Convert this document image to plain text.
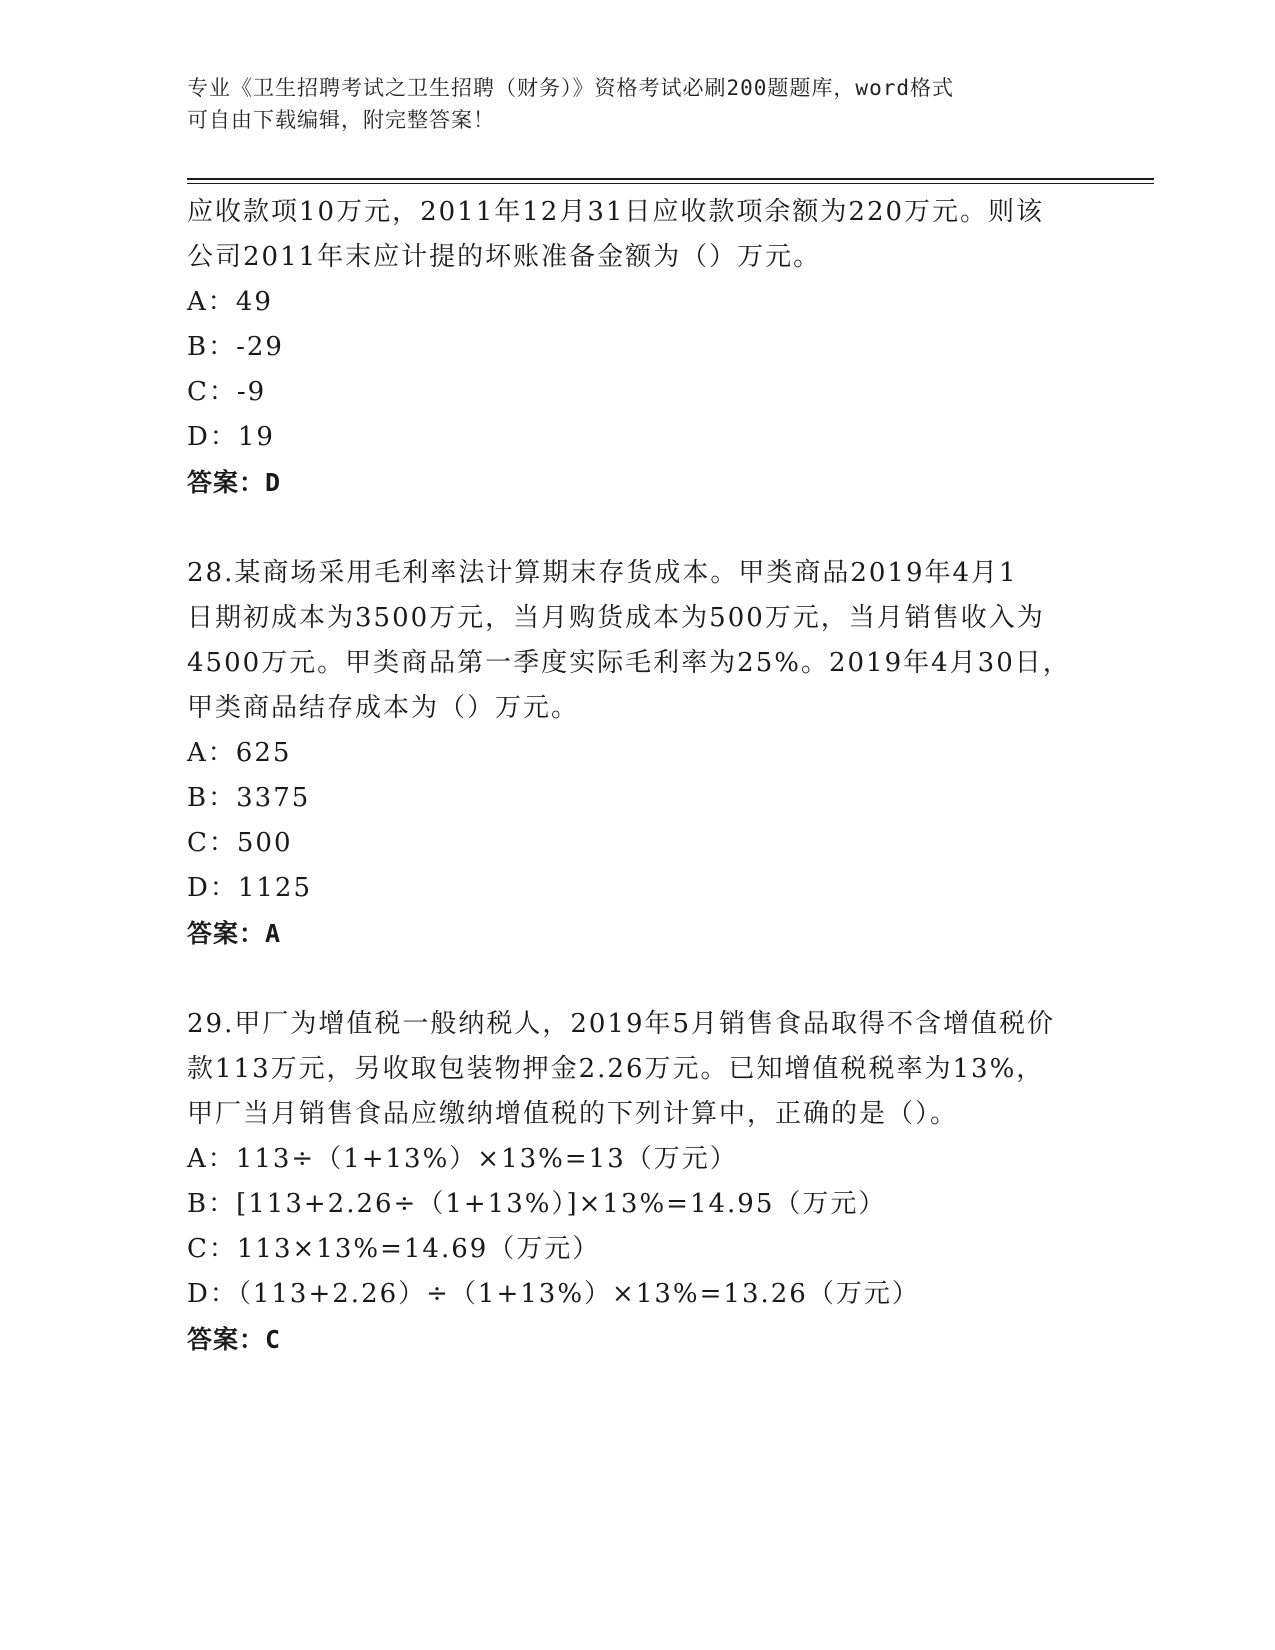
专业《卫生招聘考试之卫生招聘（财务）》资格考试必刷200题题库，word格式
可自由下载编辑，附完整答案！

应收款项10万元，2011年12月31日应收款项余额为220万元。则该

公司2011年末应计提的坏账准备金额为（）万元。

A：49

B：-29

C：-9

D：19

答案：D

28.某商场采用毛利率法计算期末存货成本。甲类商品2019年4月1

日期初成本为3500万元，当月购货成本为500万元，当月销售收入为

4500万元。甲类商品第一季度实际毛利率为25%。2019年4月30日，

甲类商品结存成本为（）万元。

A：625

B：3375

C：500

D：1125

答案：A

29.甲厂为增值税一般纳税人，2019年5月销售食品取得不含增值税价

款113万元，另收取包装物押金2.26万元。已知增值税税率为13%，

甲厂当月销售食品应缴纳增值税的下列计算中，正确的是（）。

A：113÷（1+13%）×13%=13（万元）

B：[113+2.26÷（1+13%）]×13%=14.95（万元）

C：113×13%=14.69（万元）

D：（113+2.26）÷（1+13%）×13%=13.26（万元）

答案：C
